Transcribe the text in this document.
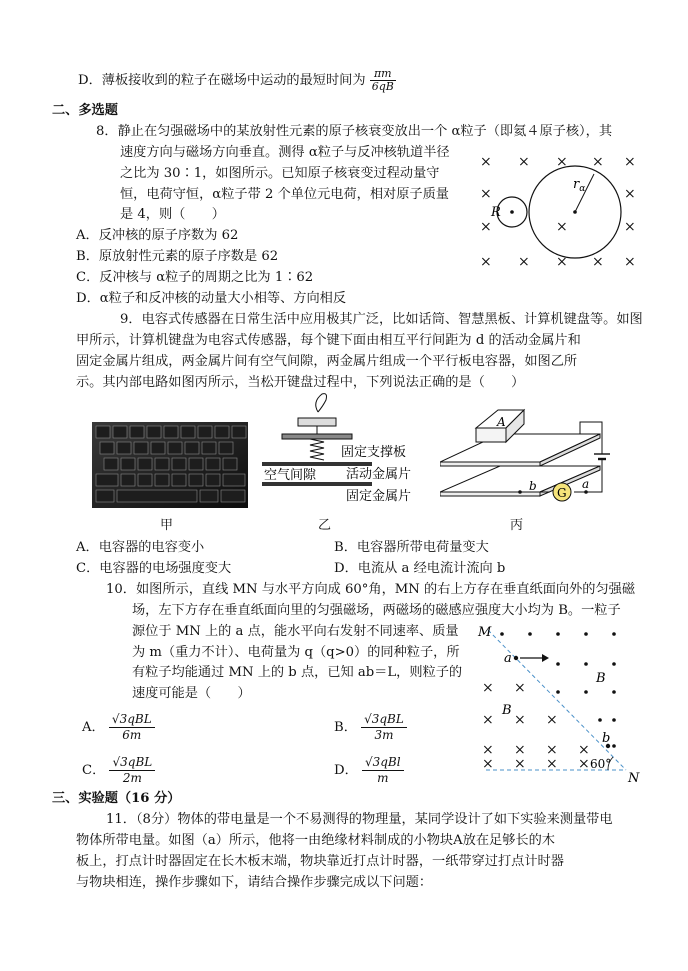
D．薄板接收到的粒子在磁场中运动的最短时间为 $\frac{\pi m}{6qB}$
二、多选题
8．静止在匀强磁场中的某放射性元素的原子核衰变放出一个 α粒子（即氦４原子核），其
速度方向与磁场方向垂直。测得 α粒子与反冲核轨道半径
之比为 30∶1，如图所示。已知原子核衰变过程动量守
恒，电荷守恒，α粒子带 2 个单位元电荷，相对原子质量
是 4，则（　　）
A．反冲核的原子序数为 62
B．原放射性元素的原子序数是 62
C．反冲核与 α粒子的周期之比为 1∶62
D．α粒子和反冲核的动量大小相等、方向相反
× × × × ×
×	×
×	×	×
× × × × ×
$r_\alpha$
R
9．电容式传感器在日常生活中应用极其广泛，比如话筒、智慧黑板、计算机键盘等。如图
甲所示，计算机键盘为电容式传感器，每个键下面由相互平行间距为 d 的活动金属片和
固定金属片组成，两金属片间有空气间隙，两金属片组成一个平行板电容器，如图乙所
示。其内部电路如图丙所示，当松开键盘过程中，下列说法正确的是（　　）
甲
固定支撑板
空气间隙 活动金属片
固定金属片
乙
A
G
b	a
丙
A．电容器的电容变小	B．电容器所带电荷量变大
C．电容器的电场强度变大	D．电流从 a 经电流计流向 b
10．如图所示，直线 MN 与水平方向成 60°角，MN 的右上方存在垂直纸面向外的匀强磁
场，左下方存在垂直纸面向里的匀强磁场，两磁场的磁感应强度大小均为 B。一粒子
源位于 MN 上的 a 点，能水平向右发射不同速率、质量
为 m（重力不计）、电荷量为 q（q>0）的同种粒子，所
有粒子均能通过 MN 上的 b 点，已知 ab＝L，则粒子的
速度可能是（　　）
A． $\frac{\text{√3qBL}}{6m}$	B． $\frac{\text{√3qBL}}{3m}$
C． $\frac{\text{√3qBL}}{2m}$	D． $\frac{\text{√3qBl}}{m}$
× ×
× × ×
× × × ×
× × × ×
M
N
a
b
B
B
60°
三、实验题（16 分）
11．（8分）物体的带电量是一个不易测得的物理量，某同学设计了如下实验来测量带电
物体所带电量。如图（a）所示，他将一由绝缘材料制成的小物块A放在足够长的木
板上，打点计时器固定在长木板末端，物块靠近打点计时器，一纸带穿过打点计时器
与物块相连，操作步骤如下，请结合操作步骤完成以下问题：
